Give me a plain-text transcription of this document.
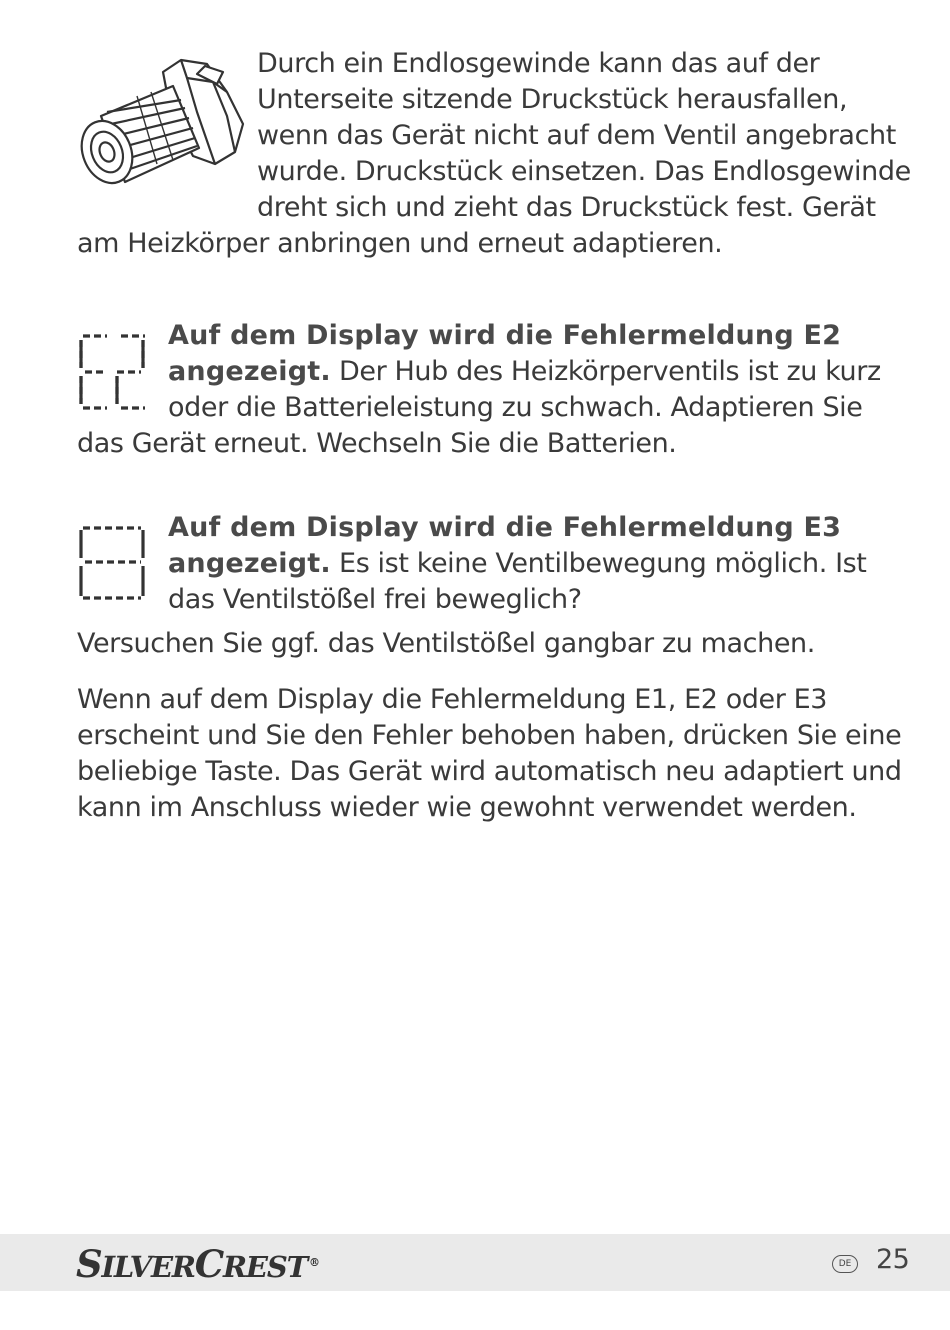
Durch ein Endlosgewinde kann das auf der Unterseite sitzende Druckstück herausfallen, wenn das Gerät nicht auf dem Ventil angebracht wurde. Druckstück einsetzen. Das Endlosgewinde dreht sich und zieht das Druckstück fest. Gerät am Heizkörper anbringen und erneut adaptieren.

Auf dem Display wird die Fehlermeldung E2 angezeigt. Der Hub des Heizkörperventils ist zu kurz oder die Batterieleistung zu schwach. Adaptieren Sie das Gerät erneut. Wechseln Sie die Batterien.

Auf dem Display wird die Fehlermeldung E3 angezeigt. Es ist keine Ventilbewegung möglich. Ist das Ventilstößel frei beweglich?

Versuchen Sie ggf. das Ventilstößel gangbar zu machen.

Wenn auf dem Display die Fehlermeldung E1, E2 oder E3 erscheint und Sie den Fehler behoben haben, drücken Sie eine beliebige Taste. Das Gerät wird automatisch neu adaptiert und kann im Anschluss wieder wie gewohnt verwendet werden.

SILVERCREST ®	DE 25
